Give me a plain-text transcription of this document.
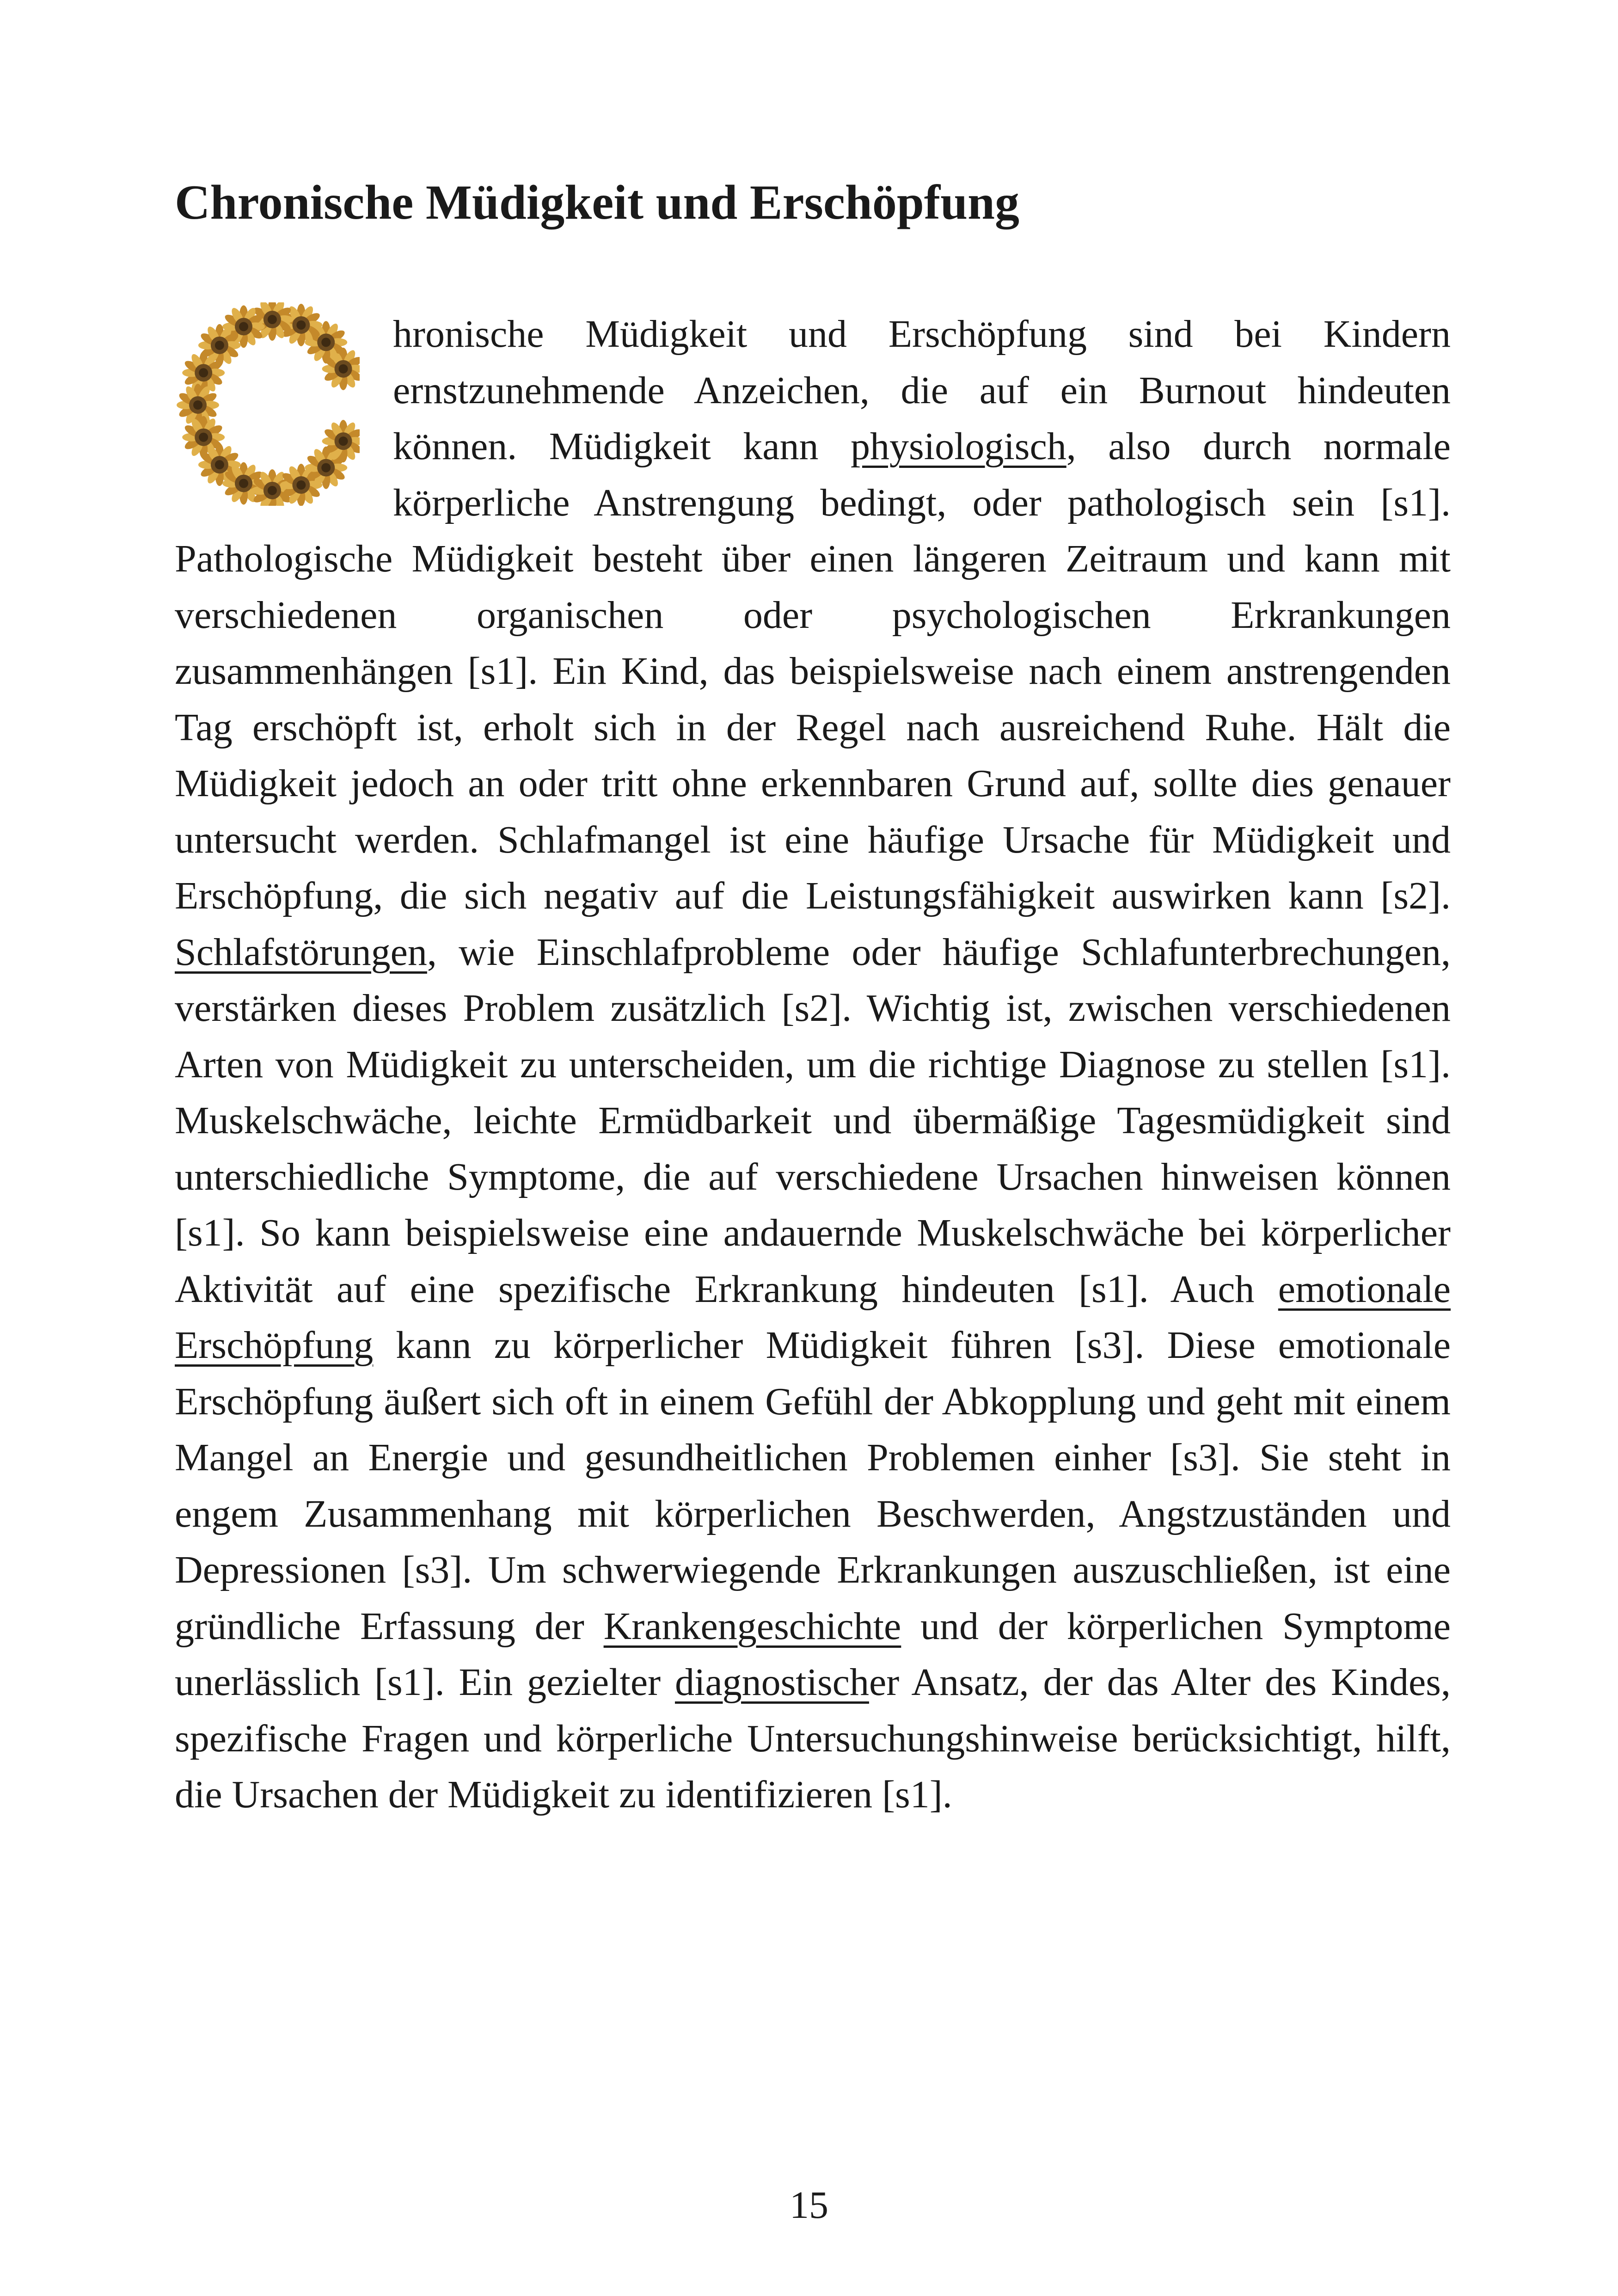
Chronische Müdigkeit und Erschöpfung
hronische Müdigkeit und Erschöpfung sind bei Kindern ernstzunehmende Anzeichen, die auf ein Burnout hindeuten können. Müdigkeit kann physiologisch, also durch normale körperliche Anstrengung bedingt, oder pathologisch sein [s1]. Pathologische Müdigkeit besteht über einen längeren Zeitraum und kann mit verschiedenen organischen oder psychologischen Erkrankungen zusammenhängen [s1]. Ein Kind, das beispielsweise nach einem anstrengenden Tag erschöpft ist, erholt sich in der Regel nach ausreichend Ruhe. Hält die Müdigkeit jedoch an oder tritt ohne erkennbaren Grund auf, sollte dies genauer untersucht werden. Schlafmangel ist eine häufige Ursache für Müdigkeit und Erschöpfung, die sich negativ auf die Leistungsfähigkeit auswirken kann [s2]. Schlafstörungen, wie Einschlafprobleme oder häufige Schlafunterbrechungen, verstärken dieses Problem zusätzlich [s2]. Wichtig ist, zwischen verschiedenen Arten von Müdigkeit zu unterscheiden, um die richtige Diagnose zu stellen [s1]. Muskelschwäche, leichte Ermüdbarkeit und übermäßige Tagesmüdigkeit sind unterschiedliche Symptome, die auf verschiedene Ursachen hinweisen können [s1]. So kann beispielsweise eine andauernde Muskelschwäche bei körperlicher Aktivität auf eine spezifische Erkrankung hindeuten [s1]. Auch emotionale Erschöpfung kann zu körperlicher Müdigkeit führen [s3]. Diese emotionale Erschöpfung äußert sich oft in einem Gefühl der Abkopplung und geht mit einem Mangel an Energie und gesundheitlichen Problemen einher [s3]. Sie steht in engem Zusammenhang mit körperlichen Beschwerden, Angstzuständen und Depressionen [s3]. Um schwerwiegende Erkrankungen auszuschließen, ist eine gründliche Erfassung der Krankengeschichte und der körperlichen Symptome unerlässlich [s1]. Ein gezielter diagnostischer Ansatz, der das Alter des Kindes, spezifische Fragen und körperliche Untersuchungshinweise berücksichtigt, hilft, die Ursachen der Müdigkeit zu identifizieren [s1].
15
